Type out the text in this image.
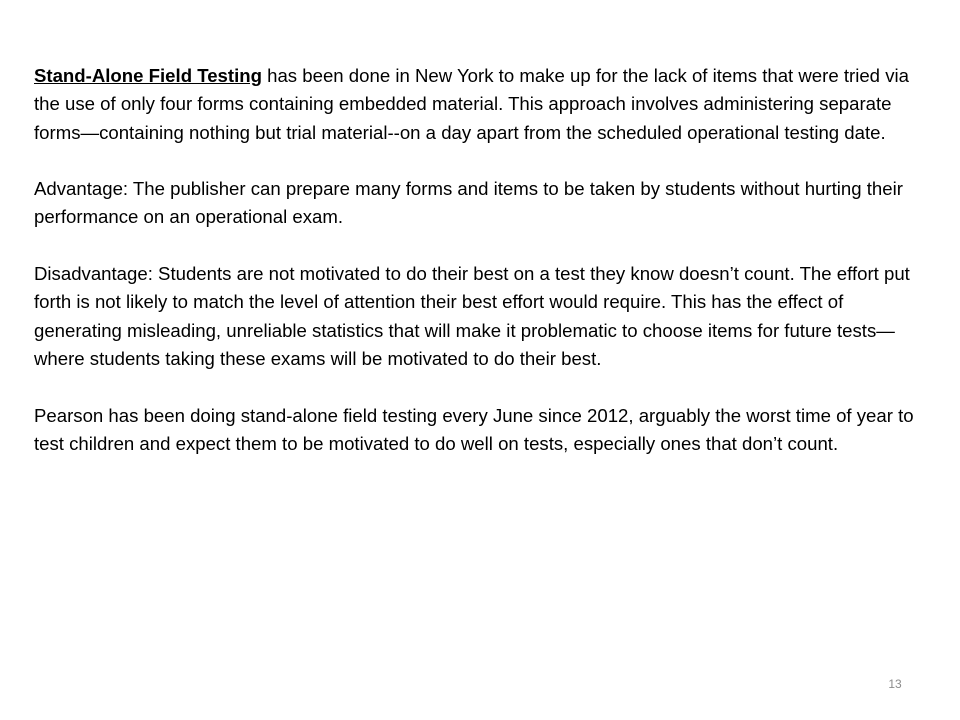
Stand-Alone Field Testing has been done in New York to make up for the lack of items that were tried via the use of only four forms containing embedded material. This approach involves administering separate forms—containing nothing but trial material--on a day apart from the scheduled operational testing date.

Advantage: The publisher can prepare many forms and items to be taken by students without hurting their performance on an operational exam.

Disadvantage: Students are not motivated to do their best on a test they know doesn’t count. The effort put forth is not likely to match the level of attention their best effort would require. This has the effect of generating misleading, unreliable statistics that will make it problematic to choose items for future tests—where students taking these exams will be motivated to do their best.

Pearson has been doing stand-alone field testing every June since 2012, arguably the worst time of year to test children and expect them to be motivated to do well on tests, especially ones that don’t count.

13
